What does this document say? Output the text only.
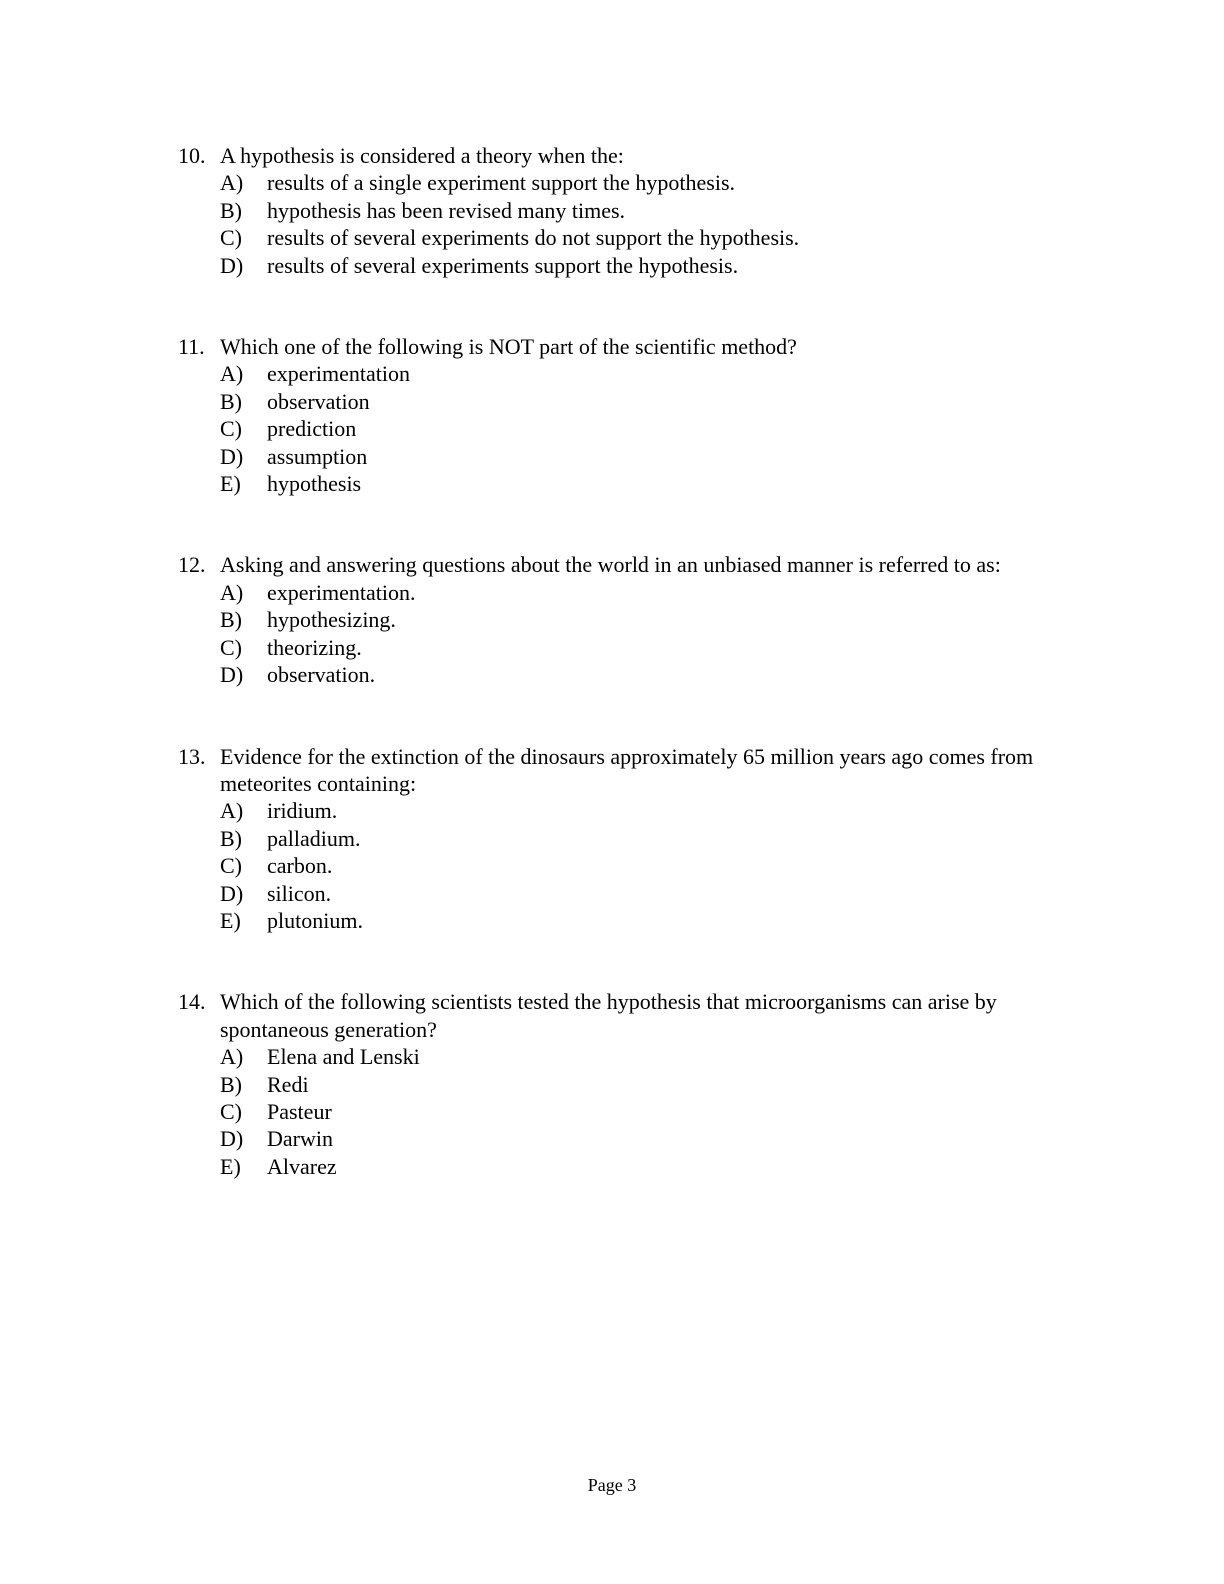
10. A hypothesis is considered a theory when the:
A)	results of a single experiment support the hypothesis.
B)	hypothesis has been revised many times.
C)	results of several experiments do not support the hypothesis.
D)	results of several experiments support the hypothesis.
11. Which one of the following is NOT part of the scientific method?
A)	experimentation
B)	observation
C)	prediction
D)	assumption
E)	hypothesis
12. Asking and answering questions about the world in an unbiased manner is referred to as:
A)	experimentation.
B)	hypothesizing.
C)	theorizing.
D)	observation.
13. Evidence for the extinction of the dinosaurs approximately 65 million years ago comes from meteorites containing:
A)	iridium.
B)	palladium.
C)	carbon.
D)	silicon.
E)	plutonium.
14. Which of the following scientists tested the hypothesis that microorganisms can arise by spontaneous generation?
A)	Elena and Lenski
B)	Redi
C)	Pasteur
D)	Darwin
E)	Alvarez
Page 3
